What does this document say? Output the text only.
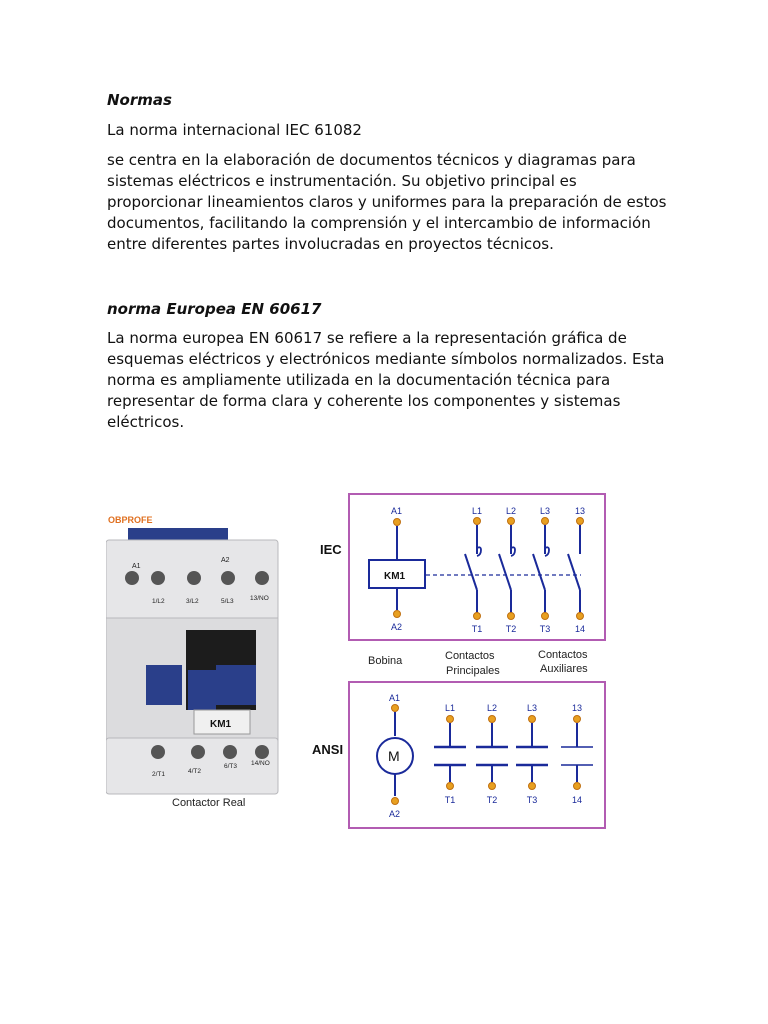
Normas

La norma internacional IEC 61082

se centra en la elaboración de documentos técnicos y diagramas para sistemas eléctricos e instrumentación. Su objetivo principal es proporcionar lineamientos claros y uniformes para la preparación de estos documentos, facilitando la comprensión y el intercambio de información entre diferentes partes involucradas en proyectos técnicos.

norma Europea EN 60617

La norma europea EN 60617 se refiere a la representación gráfica de esquemas eléctricos y electrónicos mediante símbolos normalizados. Esta norma es ampliamente utilizada en la documentación técnica para representar de forma clara y coherente los componentes y sistemas eléctricos.

OBPROFE
A1
A2
1/L2	3/L2	5/L3	13/NO
KM1
2/T1	4/T2
6/T3 14/NO
Contactor Real
IEC
A1
KM1
A2
L1
T1
L2
T2
L3
T3
13
14
Bobina	Contactos
Principales
Contactos
Auxiliares
ANSI
A1
M
A2
L1
T1
L2
T2
L3
T3
13
14
